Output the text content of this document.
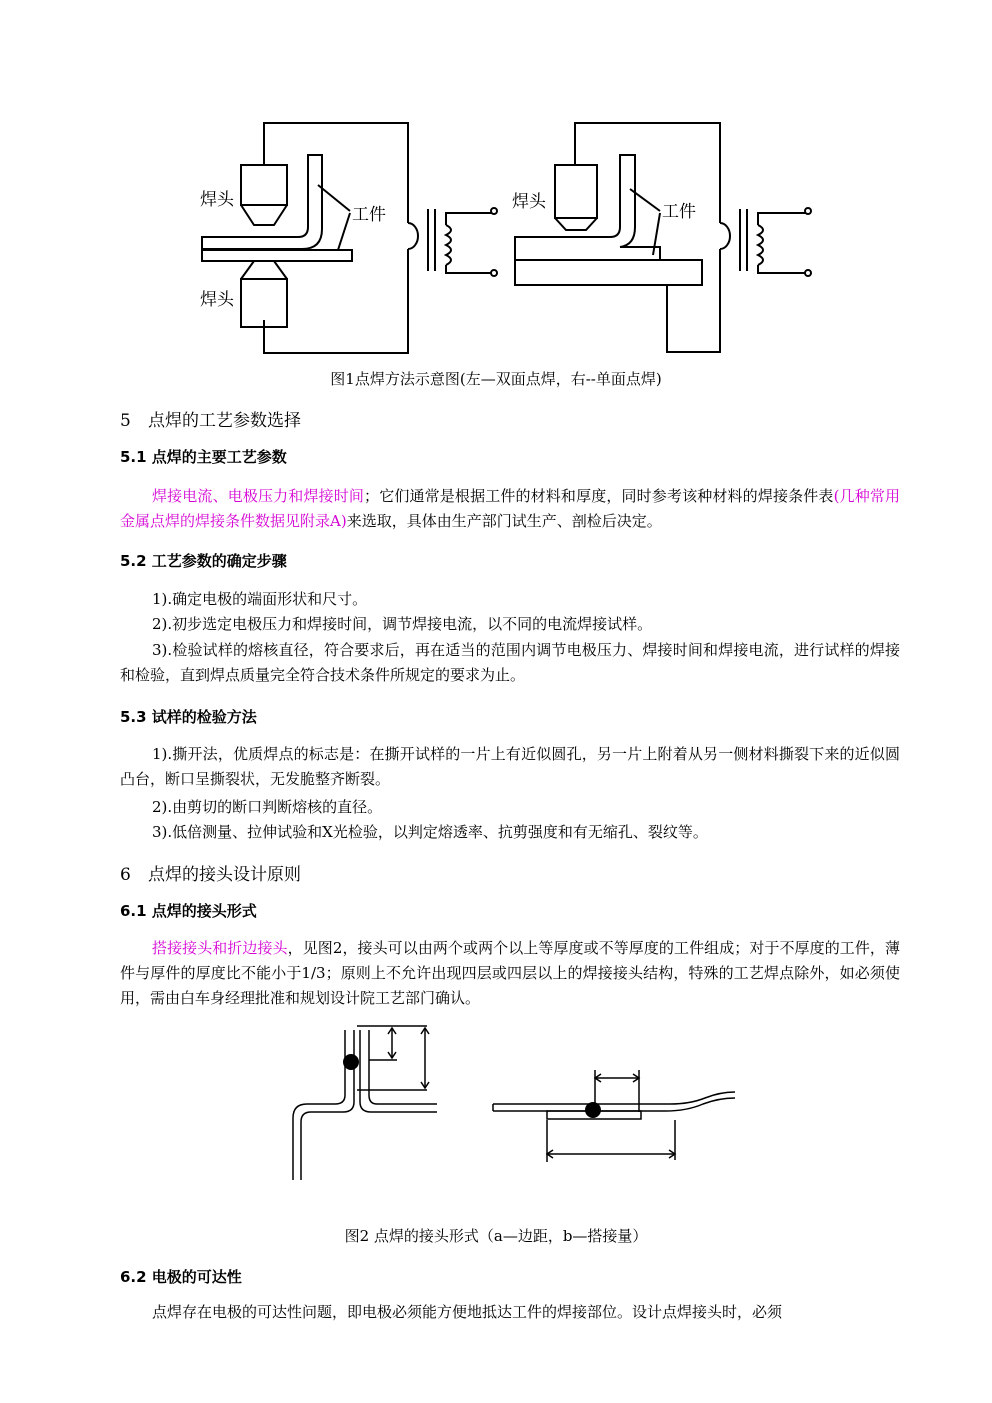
焊头
焊头
工件
焊头	工件
图1点焊方法示意图(左—双面点焊，右--单面点焊)
5 点焊的工艺参数选择
5.1 点焊的主要工艺参数
焊接电流、电极压力和焊接时间；它们通常是根据工件的材料和厚度，同时参考该种材料的焊接条件表(几种常用金属点焊的焊接条件数据见附录A)来选取，具体由生产部门试生产、剖检后决定。
5.2 工艺参数的确定步骤
1).确定电极的端面形状和尺寸。
2).初步选定电极压力和焊接时间，调节焊接电流，以不同的电流焊接试样。
3).检验试样的熔核直径，符合要求后，再在适当的范围内调节电极压力、焊接时间和焊接电流，进行试样的焊接和检验，直到焊点质量完全符合技术条件所规定的要求为止。
5.3 试样的检验方法
1).撕开法，优质焊点的标志是：在撕开试样的一片上有近似圆孔，另一片上附着从另一侧材料撕裂下来的近似圆凸台，断口呈撕裂状，无发脆整齐断裂。
2).由剪切的断口判断熔核的直径。
3).低倍测量、拉伸试验和X光检验，以判定熔透率、抗剪强度和有无缩孔、裂纹等。
6 点焊的接头设计原则
6.1 点焊的接头形式
搭接接头和折边接头，见图2，接头可以由两个或两个以上等厚度或不等厚度的工件组成；对于不厚度的工件，薄件与厚件的厚度比不能小于1/3；原则上不允许出现四层或四层以上的焊接接头结构，特殊的工艺焊点除外，如必须使用，需由白车身经理批准和规划设计院工艺部门确认。
图2 点焊的接头形式（a—边距，b—搭接量）
6.2 电极的可达性
点焊存在电极的可达性问题，即电极必须能方便地抵达工件的焊接部位。设计点焊接头时，必须
